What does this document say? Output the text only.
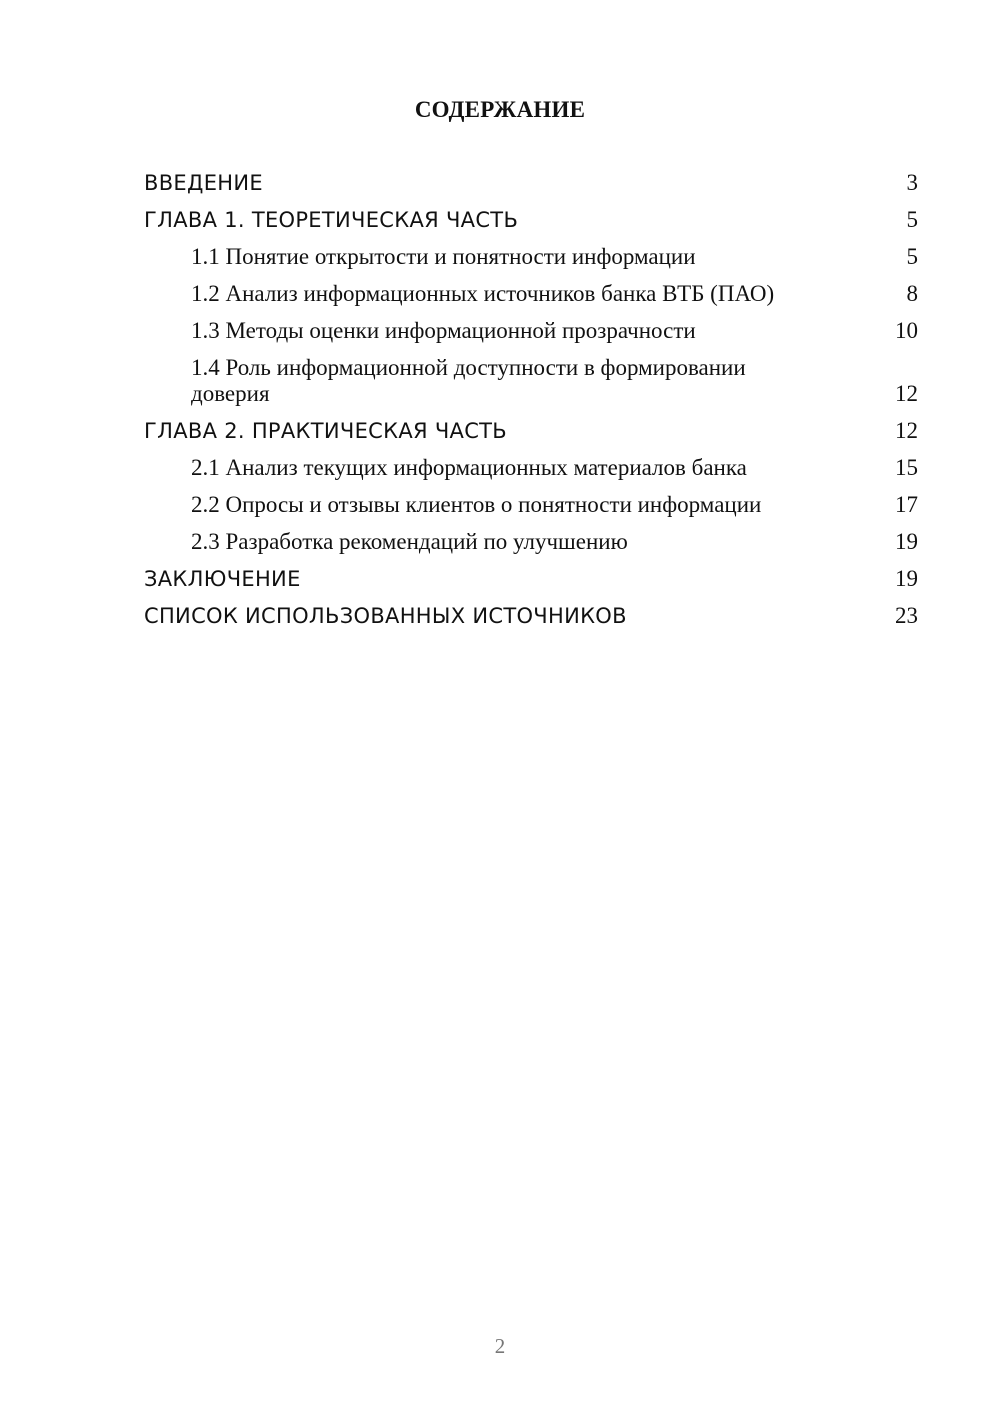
СОДЕРЖАНИЕ
ВВЕДЕНИЕ	3
ГЛАВА 1. ТЕОРЕТИЧЕСКАЯ ЧАСТЬ	5
1.1 Понятие открытости и понятности информации	5
1.2 Анализ информационных источников банка ВТБ (ПАО)	8
1.3 Методы оценки информационной прозрачности	10
1.4 Роль информационной доступности в формировании доверия	12
ГЛАВА 2. ПРАКТИЧЕСКАЯ ЧАСТЬ	12
2.1 Анализ текущих информационных материалов банка	15
2.2 Опросы и отзывы клиентов о понятности информации	17
2.3 Разработка рекомендаций по улучшению	19
ЗАКЛЮЧЕНИЕ	19
СПИСОК ИСПОЛЬЗОВАННЫХ ИСТОЧНИКОВ	23
2
